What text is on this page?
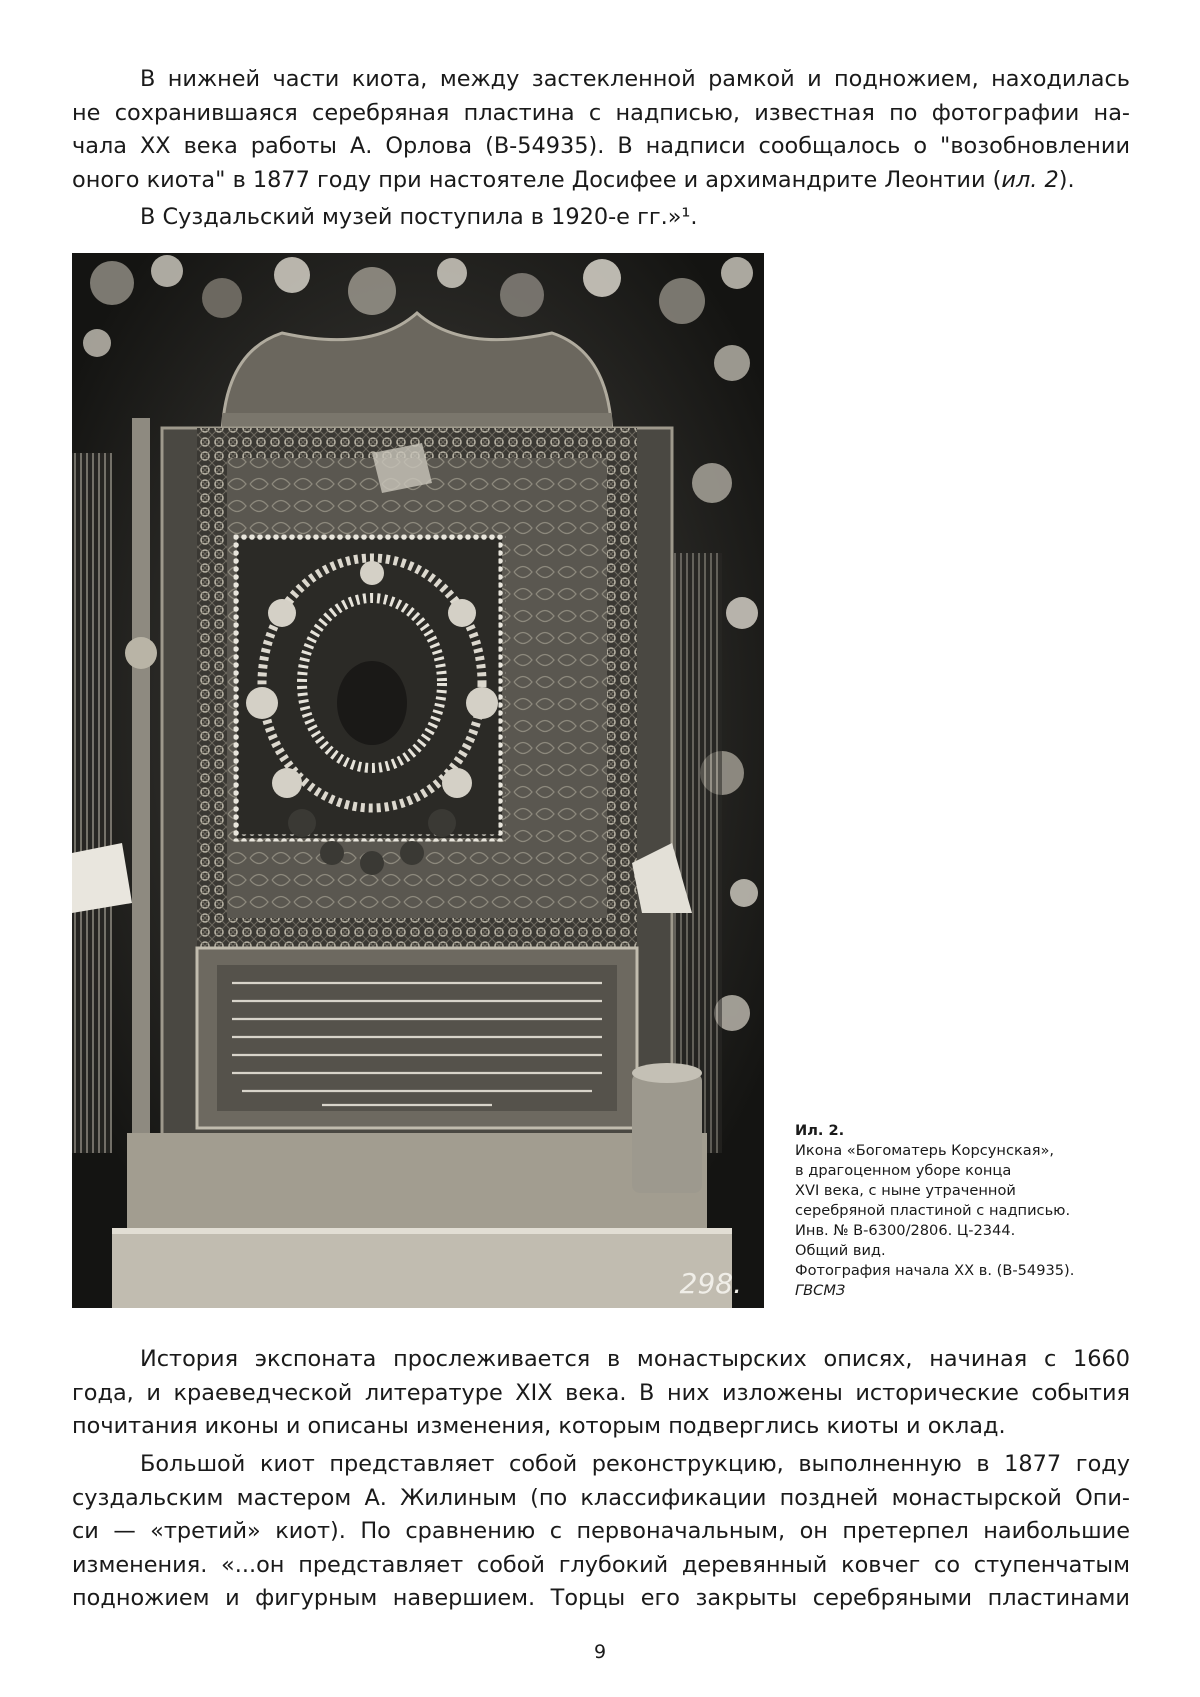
В нижней части киота, между застекленной рамкой и подножием, находилась
не сохранившаяся серебряная пластина с надписью, известная по фотографии на-
чала XX века работы А. Орлова (В-54935). В надписи сообщалось о "возобновлении
оного киота" в 1877 году при настоятеле Досифее и архимандрите Леонтии (ил. 2).
В Суздальский музей поступила в 1920-е гг.»¹.
298.
Ил. 2.
Икона «Богоматерь Корсунская»,
в драгоценном уборе конца
XVI века, с ныне утраченной
серебряной пластиной с надписью.
Инв. № В-6300/2806. Ц-2344.
Общий вид.
Фотография начала XX в. (В-54935).
ГВСМЗ
История экспоната прослеживается в монастырских описях, начиная с 1660
года, и краеведческой литературе XIX века. В них изложены исторические события
почитания иконы и описаны изменения, которым подверглись киоты и оклад.
Большой киот представляет собой реконструкцию, выполненную в 1877 году
суздальским мастером А. Жилиным (по классификации поздней монастырской Опи-
си — «третий» киот). По сравнению с первоначальным, он претерпел наибольшие
изменения. «...он представляет собой глубокий деревянный ковчег со ступенчатым
подножием и фигурным навершием. Торцы его закрыты серебряными пластинами
9
